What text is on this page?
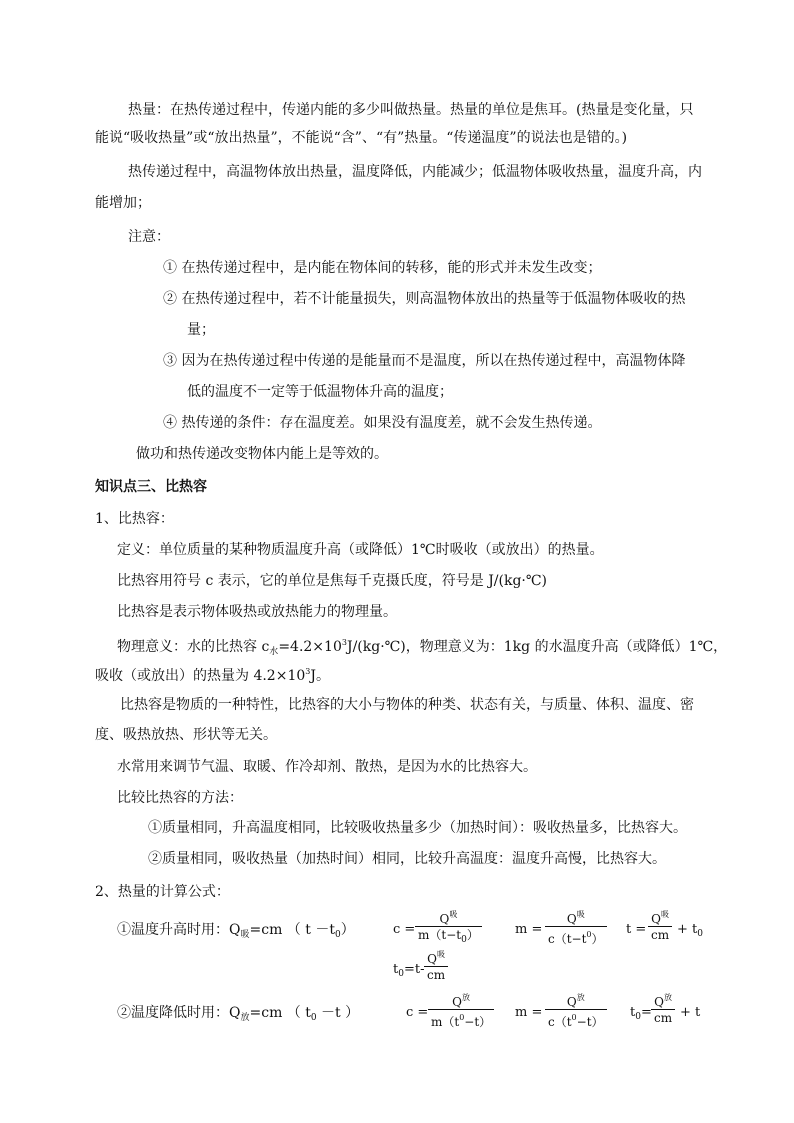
热量：在热传递过程中，传递内能的多少叫做热量。热量的单位是焦耳。(热量是变化量，只
能说“吸收热量”或“放出热量”，不能说“含”、“有”热量。“传递温度”的说法也是错的。)
热传递过程中，高温物体放出热量，温度降低，内能减少；低温物体吸收热量，温度升高，内
能增加；
注意：
① 在热传递过程中，是内能在物体间的转移，能的形式并未发生改变；
② 在热传递过程中，若不计能量损失，则高温物体放出的热量等于低温物体吸收的热
量；
③ 因为在热传递过程中传递的是能量而不是温度，所以在热传递过程中，高温物体降
低的温度不一定等于低温物体升高的温度；
④ 热传递的条件：存在温度差。如果没有温度差，就不会发生热传递。
做功和热传递改变物体内能上是等效的。
知识点三、比热容
1、比热容：
定义：单位质量的某种物质温度升高（或降低）1℃时吸收（或放出）的热量。
比热容用符号 c 表示，它的单位是焦每千克摄氏度，符号是 J/(kg·℃)
比热容是表示物体吸热或放热能力的物理量。
物理意义：水的比热容 $c_水=4.2\times 10^3J/(kg\cdot℃)$，物理意义为：1kg 的水温度升高（或降低）1℃，
吸收（或放出）的热量为 $4.2\times 10^3J$。
比热容是物质的一种特性，比热容的大小与物体的种类、状态有关，与质量、体积、温度、密
度、吸热放热、形状等无关。
水常用来调节气温、取暖、作冷却剂、散热，是因为水的比热容大。
比较比热容的方法：
①质量相同，升高温度相同，比较吸收热量多少（加热时间）：吸收热量多，比热容大。
②质量相同，吸收热量（加热时间）相同，比较升高温度：温度升高慢，比热容大。
2、热量的计算公式：
①温度升高时用：$Q_吸=cm$ （ $t -t_0$）	c =
$Q^吸$
$m(t-t_0)$	m =
$Q^吸$
$c(t-t^0)$
t =
$Q^吸$
cm + $t_0$
$t_0=t-$
$Q^吸$
cm
②温度降低时用：$Q_放=cm$ （ $t_0 -t$ ）	c =
$Q^放$
$m(t^0-t)$
m =
$Q^放$
$c(t^0-t)$
$t_0=$
$Q^放$
cm + t
